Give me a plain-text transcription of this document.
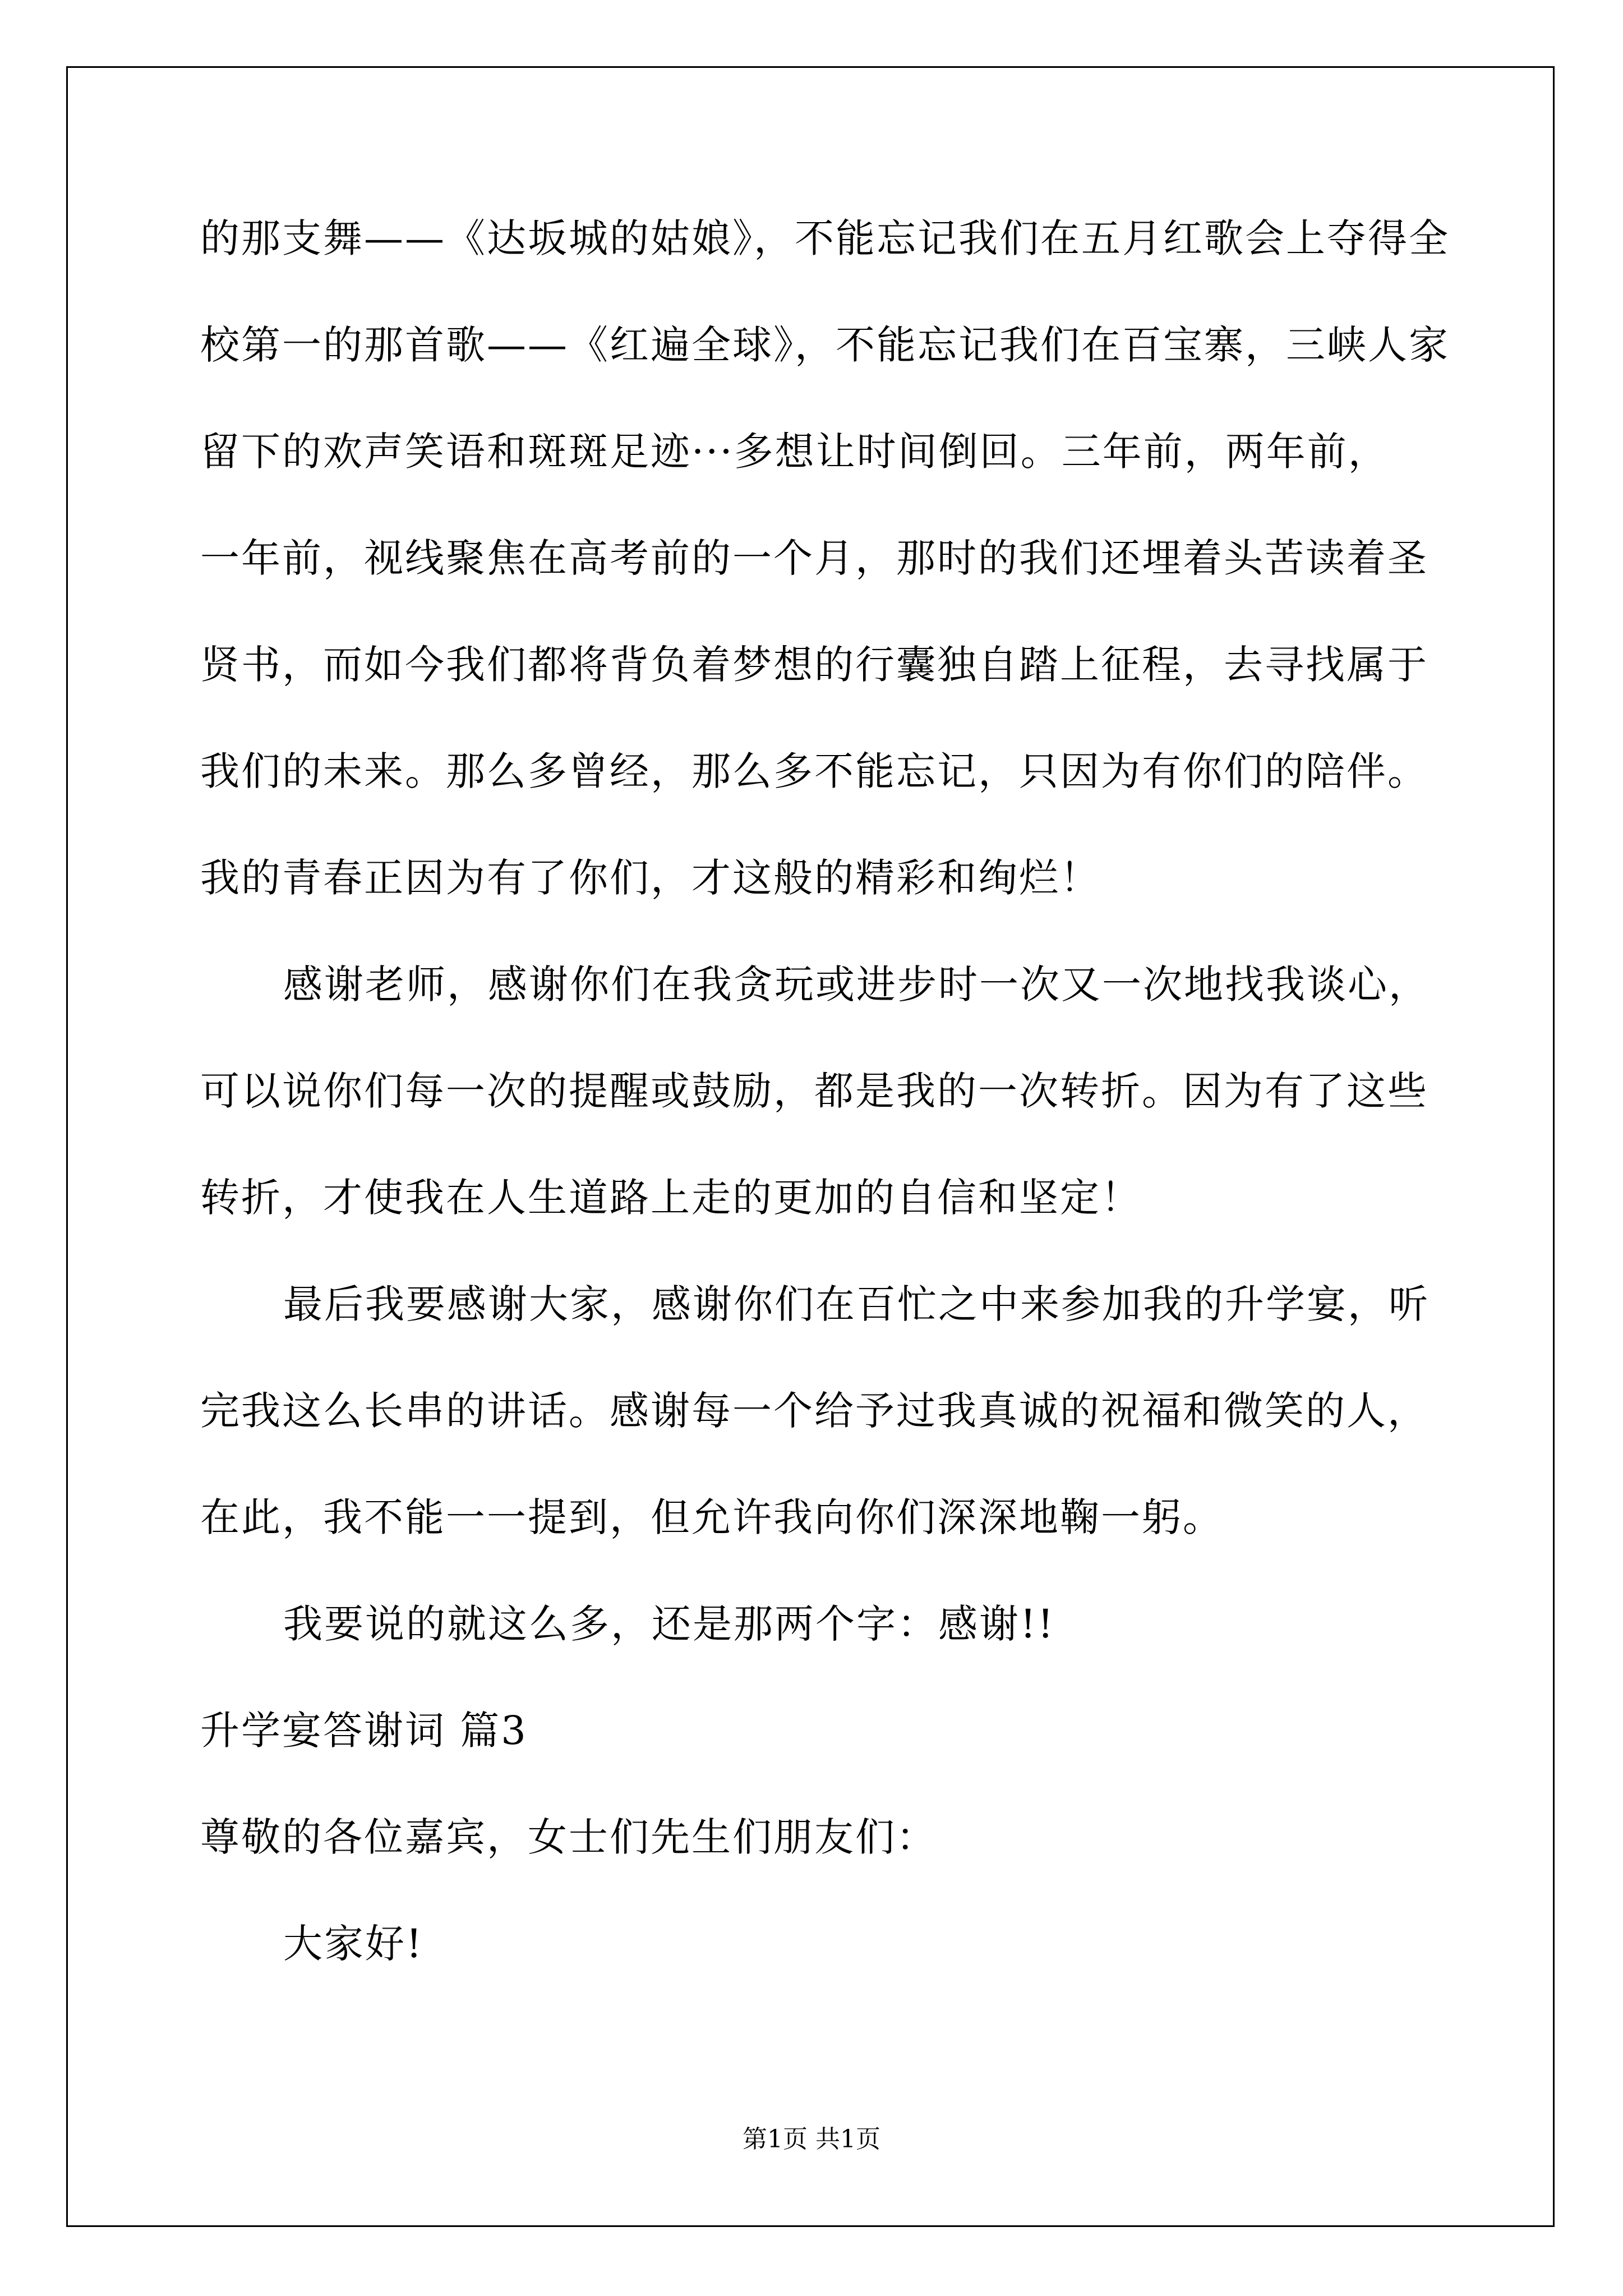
的那支舞——《达坂城的姑娘》，不能忘记我们在五月红歌会上夺得全
校第一的那首歌——《红遍全球》，不能忘记我们在百宝寨，三峡人家
留下的欢声笑语和斑斑足迹···多想让时间倒回。三年前，两年前，
一年前，视线聚焦在高考前的一个月，那时的我们还埋着头苦读着圣
贤书，而如今我们都将背负着梦想的行囊独自踏上征程，去寻找属于
我们的未来。那么多曾经，那么多不能忘记，只因为有你们的陪伴。
我的青春正因为有了你们，才这般的精彩和绚烂！
感谢老师，感谢你们在我贪玩或进步时一次又一次地找我谈心，
可以说你们每一次的提醒或鼓励，都是我的一次转折。因为有了这些
转折，才使我在人生道路上走的更加的自信和坚定！
最后我要感谢大家，感谢你们在百忙之中来参加我的升学宴，听
完我这么长串的讲话。感谢每一个给予过我真诚的祝福和微笑的人，
在此，我不能一一提到，但允许我向你们深深地鞠一躬。
我要说的就这么多，还是那两个字：感谢!!
升学宴答谢词 篇3
尊敬的各位嘉宾，女士们先生们朋友们：
大家好!
第1页 共1页
